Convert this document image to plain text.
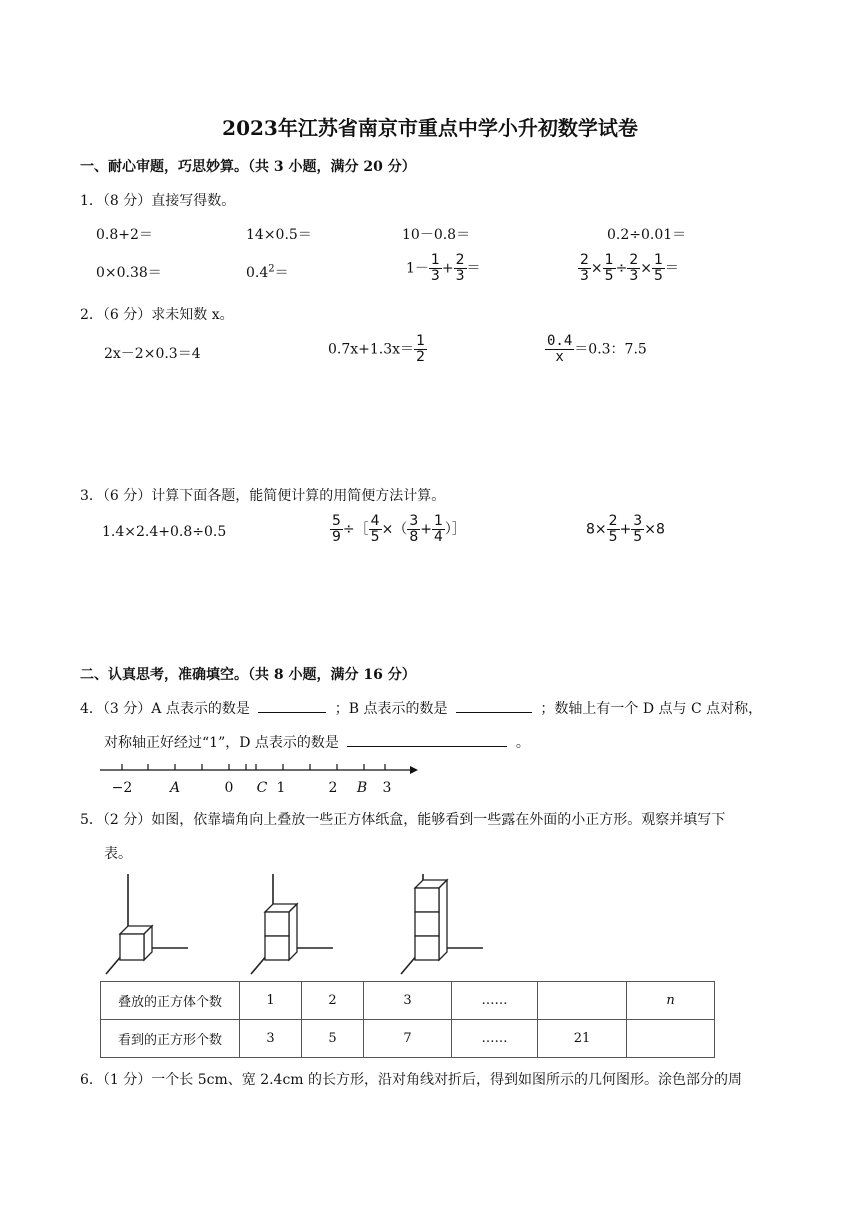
2023年江苏省南京市重点中学小升初数学试卷
一、耐心审题，巧思妙算。（共 3 小题，满分 20 分）
1．（8 分）直接写得数。
0.8+2＝	14×0.5＝	10－0.8＝	0.2÷0.01＝
0×0.38＝	$0.4^2=$	$1- \frac{1}{3} + \frac{2}{3}$ ＝	$\frac{2}{3} \times \frac{1}{5} \div \frac{2}{3} \times \frac{1}{5}$ ＝
2．（6 分）求未知数 x。
2x－2×0.3＝4	$0.7x+1.3x= \frac{1}{2}$	$\frac{0.4}{x} =0.3$：7.5
3．（6 分）计算下面各题，能简便计算的用简便方法计算。
1.4×2.4+0.8÷0.5	$\frac{5}{9}$ ÷［ $\frac{4}{5}$ ×（ $\frac{3}{8} + \frac{1}{4}$ ）］	$8\times \frac{2}{5} + \frac{3}{5} \times 8$
二、认真思考，准确填空。（共 8 小题，满分 16 分）
4．（3 分）A 点表示的数是	；B 点表示的数是	；数轴上有一个 D 点与 C 点对称，
对称轴正好经过“1”，D 点表示的数是	。
−2	A	0 C 1	2 B 3
5．（2 分）如图，依靠墙角向上叠放一些正方体纸盒，能够看到一些露在外面的小正方形。观察并填写下
表。
叠放的正方体个数	1	2	3	……		n
看到的正方形个数	3	5	7	……	21	
6．（1 分）一个长 5cm、宽 2.4cm 的长方形，沿对角线对折后，得到如图所示的几何图形。涂色部分的周
